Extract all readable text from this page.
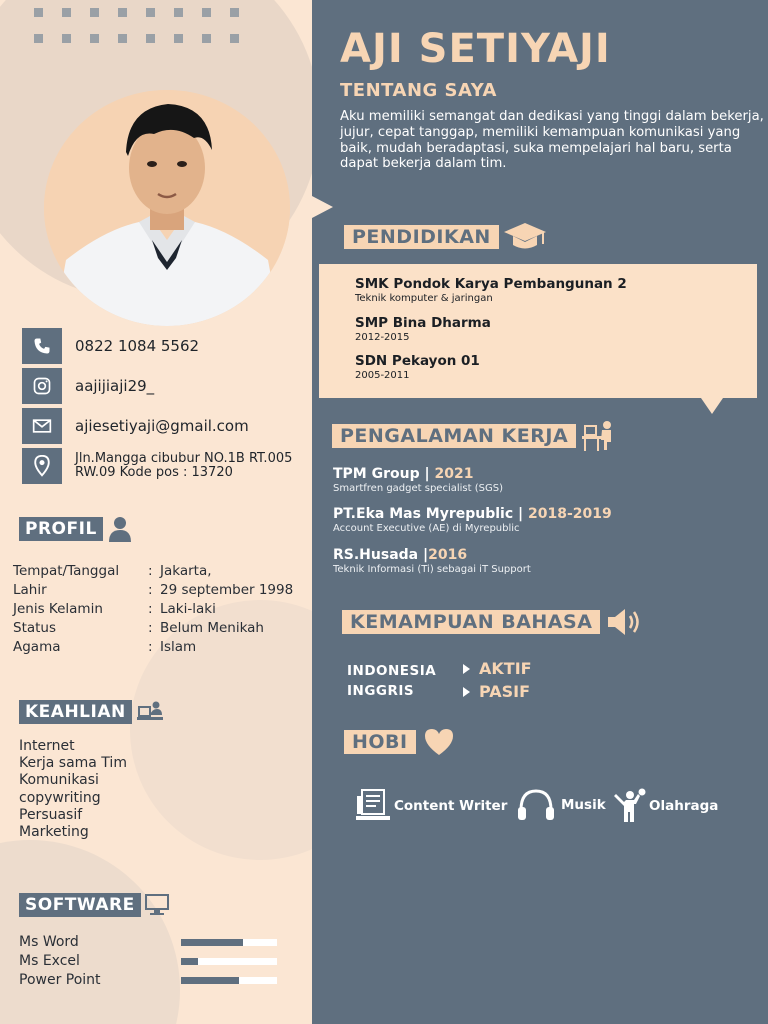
0822 1084 5562
aajijiaji29_
ajiesetiyaji@gmail.com
Jln.Mangga cibubur NO.1B RT.005
RW.09 Kode pos : 13720
PROFIL
Tempat/Tanggal	: Jakarta,
Lahir	: 29 september 1998
Jenis Kelamin	: Laki-laki
Status	: Belum Menikah
Agama	: Islam
KEAHLIAN
Internet
Kerja sama Tim
Komunikasi
copywriting
Persuasif
Marketing
SOFTWARE
Ms Word
Ms Excel
Power Point
AJI SETIYAJI
TENTANG SAYA
Aku memiliki semangat dan dedikasi yang tinggi dalam bekerja, jujur, cepat tanggap, memiliki kemampuan komunikasi yang baik, mudah beradaptasi, suka mempelajari hal baru, serta dapat bekerja dalam tim.
PENDIDIKAN
SMK Pondok Karya Pembangunan 2
Teknik komputer & jaringan
SMP Bina Dharma
2012-2015
SDN Pekayon 01
2005-2011
PENGALAMAN KERJA
TPM Group | 2021
Smartfren gadget specialist (SGS)
PT.Eka Mas Myrepublic | 2018-2019
Account Executive (AE) di Myrepublic
RS.Husada |2016
Teknik Informasi (Ti) sebagai iT Support
KEMAMPUAN BAHASA
INDONESIA	AKTIF
INGGRIS	PASIF
HOBI
Content Writer	Musik	Olahraga
